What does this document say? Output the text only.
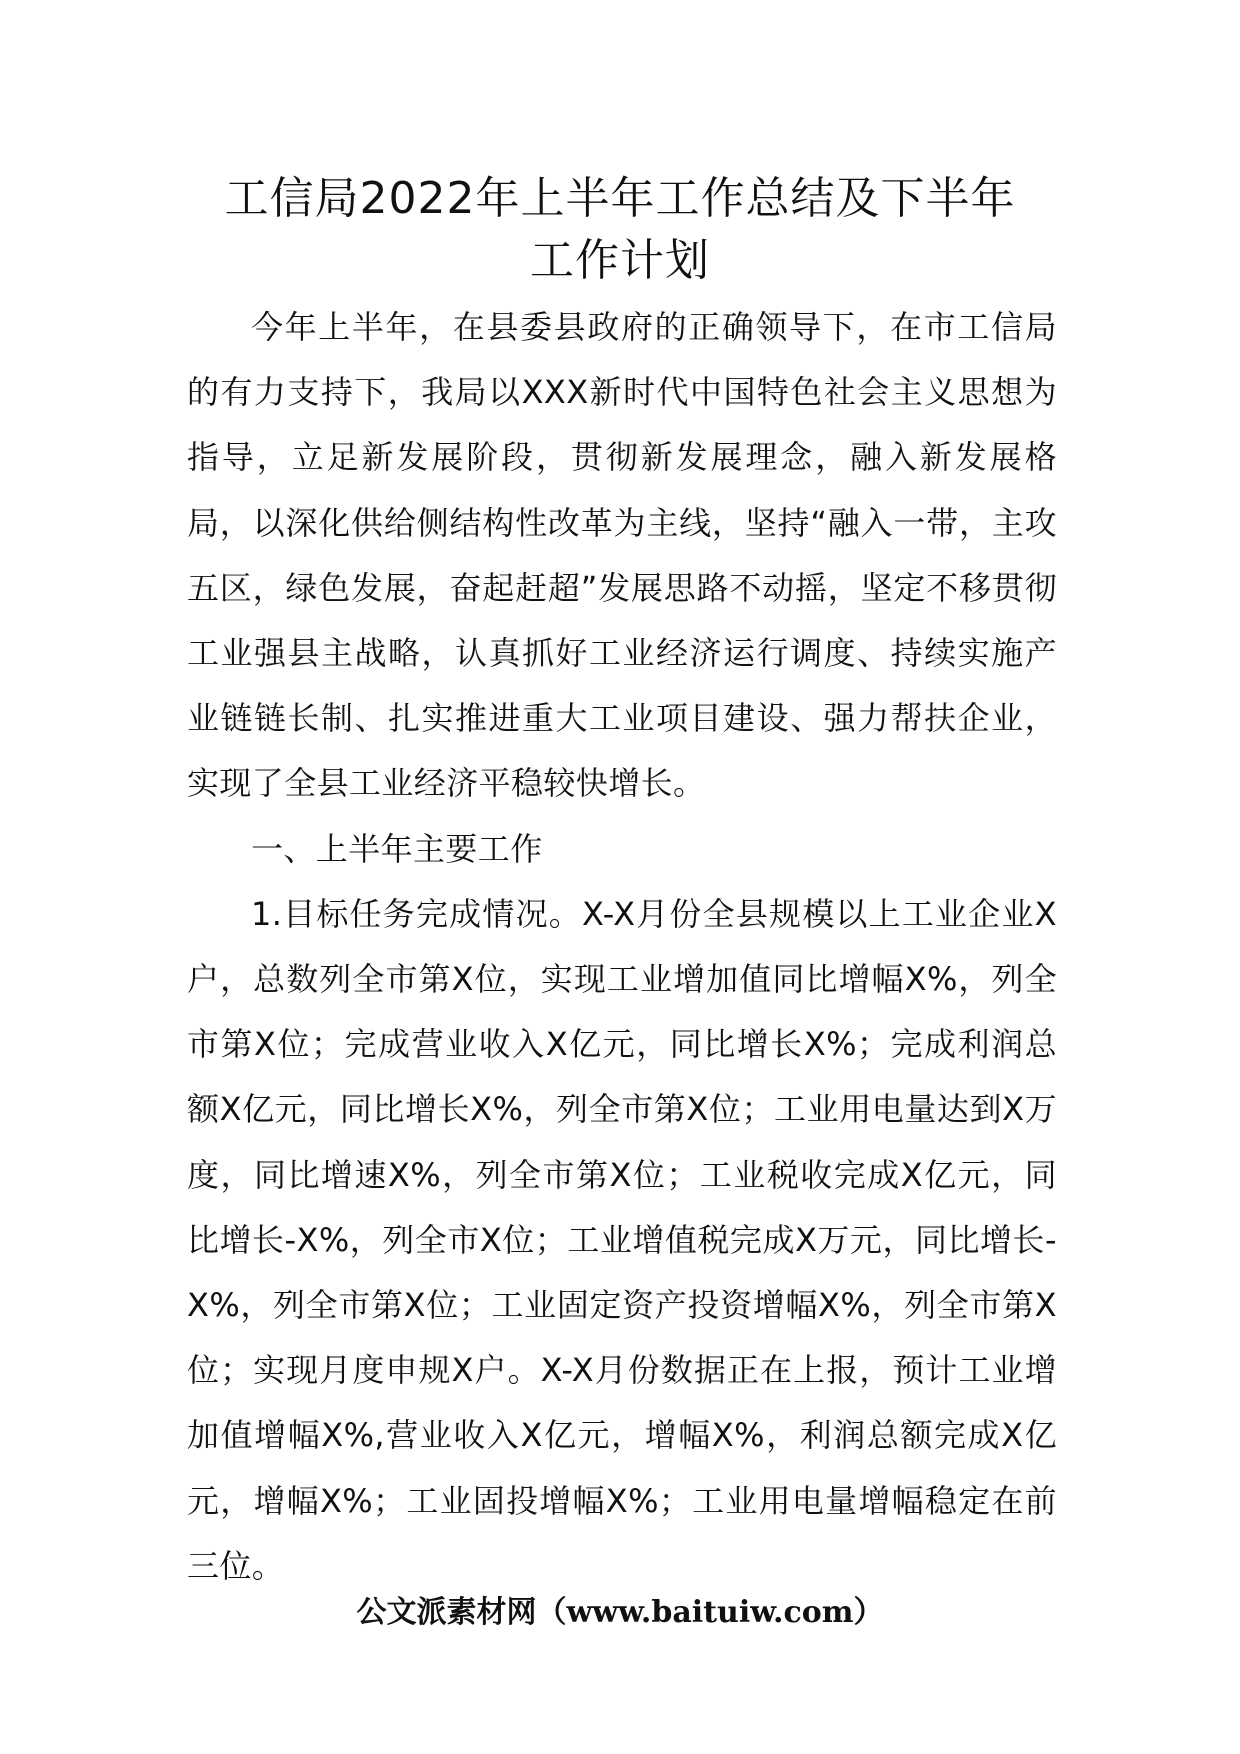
工信局2022年上半年工作总结及下半年
工作计划

今年上半年，在县委县政府的正确领导下，在市工信局的有力支持下，我局以XXX新时代中国特色社会主义思想为指导，立足新发展阶段，贯彻新发展理念，融入新发展格局，以深化供给侧结构性改革为主线，坚持“融入一带，主攻五区，绿色发展，奋起赶超”发展思路不动摇，坚定不移贯彻工业强县主战略，认真抓好工业经济运行调度、持续实施产业链链长制、扎实推进重大工业项目建设、强力帮扶企业，实现了全县工业经济平稳较快增长。

一、上半年主要工作

1.目标任务完成情况。X-X月份全县规模以上工业企业X户，总数列全市第X位，实现工业增加值同比增幅X%，列全市第X位；完成营业收入X亿元，同比增长X%；完成利润总额X亿元，同比增长X%，列全市第X位；工业用电量达到X万度，同比增速X%，列全市第X位；工业税收完成X亿元，同比增长-X%，列全市X位；工业增值税完成X万元，同比增长-X%，列全市第X位；工业固定资产投资增幅X%，列全市第X位；实现月度申规X户。X-X月份数据正在上报，预计工业增加值增幅X%,营业收入X亿元，增幅X%，利润总额完成X亿元，增幅X%；工业固投增幅X%；工业用电量增幅稳定在前三位。

公文派素材网（www.baituiw.com）
